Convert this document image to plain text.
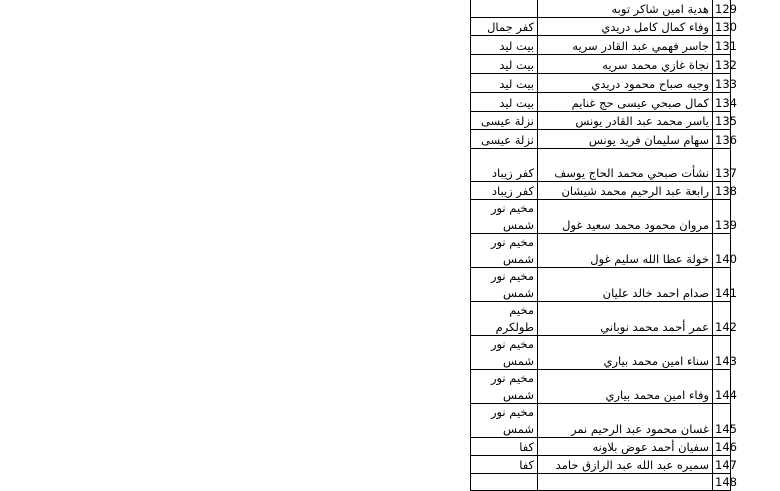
	هدية امين شاكر توبه	129
كفر جمال	وفاء كمال كامل دريدي	130
بيت ليد	جاسر فهمي عبد القادر سريه	131
بيت ليد	نجاة غازي محمد سريه	132
بيت ليد	وجيه صباح محمود دريدي	133
بيت ليد	كمال صبحي عيسى حج غنايم	134
نزلة عيسى	ياسر محمد عبد القادر يونس	135
نزلة عيسى	سهام سليمان فريد يونس	136
كفر زيباد	نشأت صبحي محمد الحاج يوسف	137
كفر زيباد	رابعة عبد الرحيم محمد شيشان	138
مخيم نور شمس	مروان محمود محمد سعيد غول	139
مخيم نور شمس	خولة عطا الله سليم غول	140
مخيم نور شمس	صدام احمد خالد عليان	141
مخيم طولكرم	عمر أحمد محمد نوباني	142
مخيم نور شمس	سناء امين محمد بياري	143
مخيم نور شمس	وفاء امين محمد بياري	144
مخيم نور شمس	غسان محمود عبد الرحيم نمر	145
كفا	سفيان أحمد عوض بلاونه	146
كفا	سميره عبد الله عبد الرازق حامد	147
		148
